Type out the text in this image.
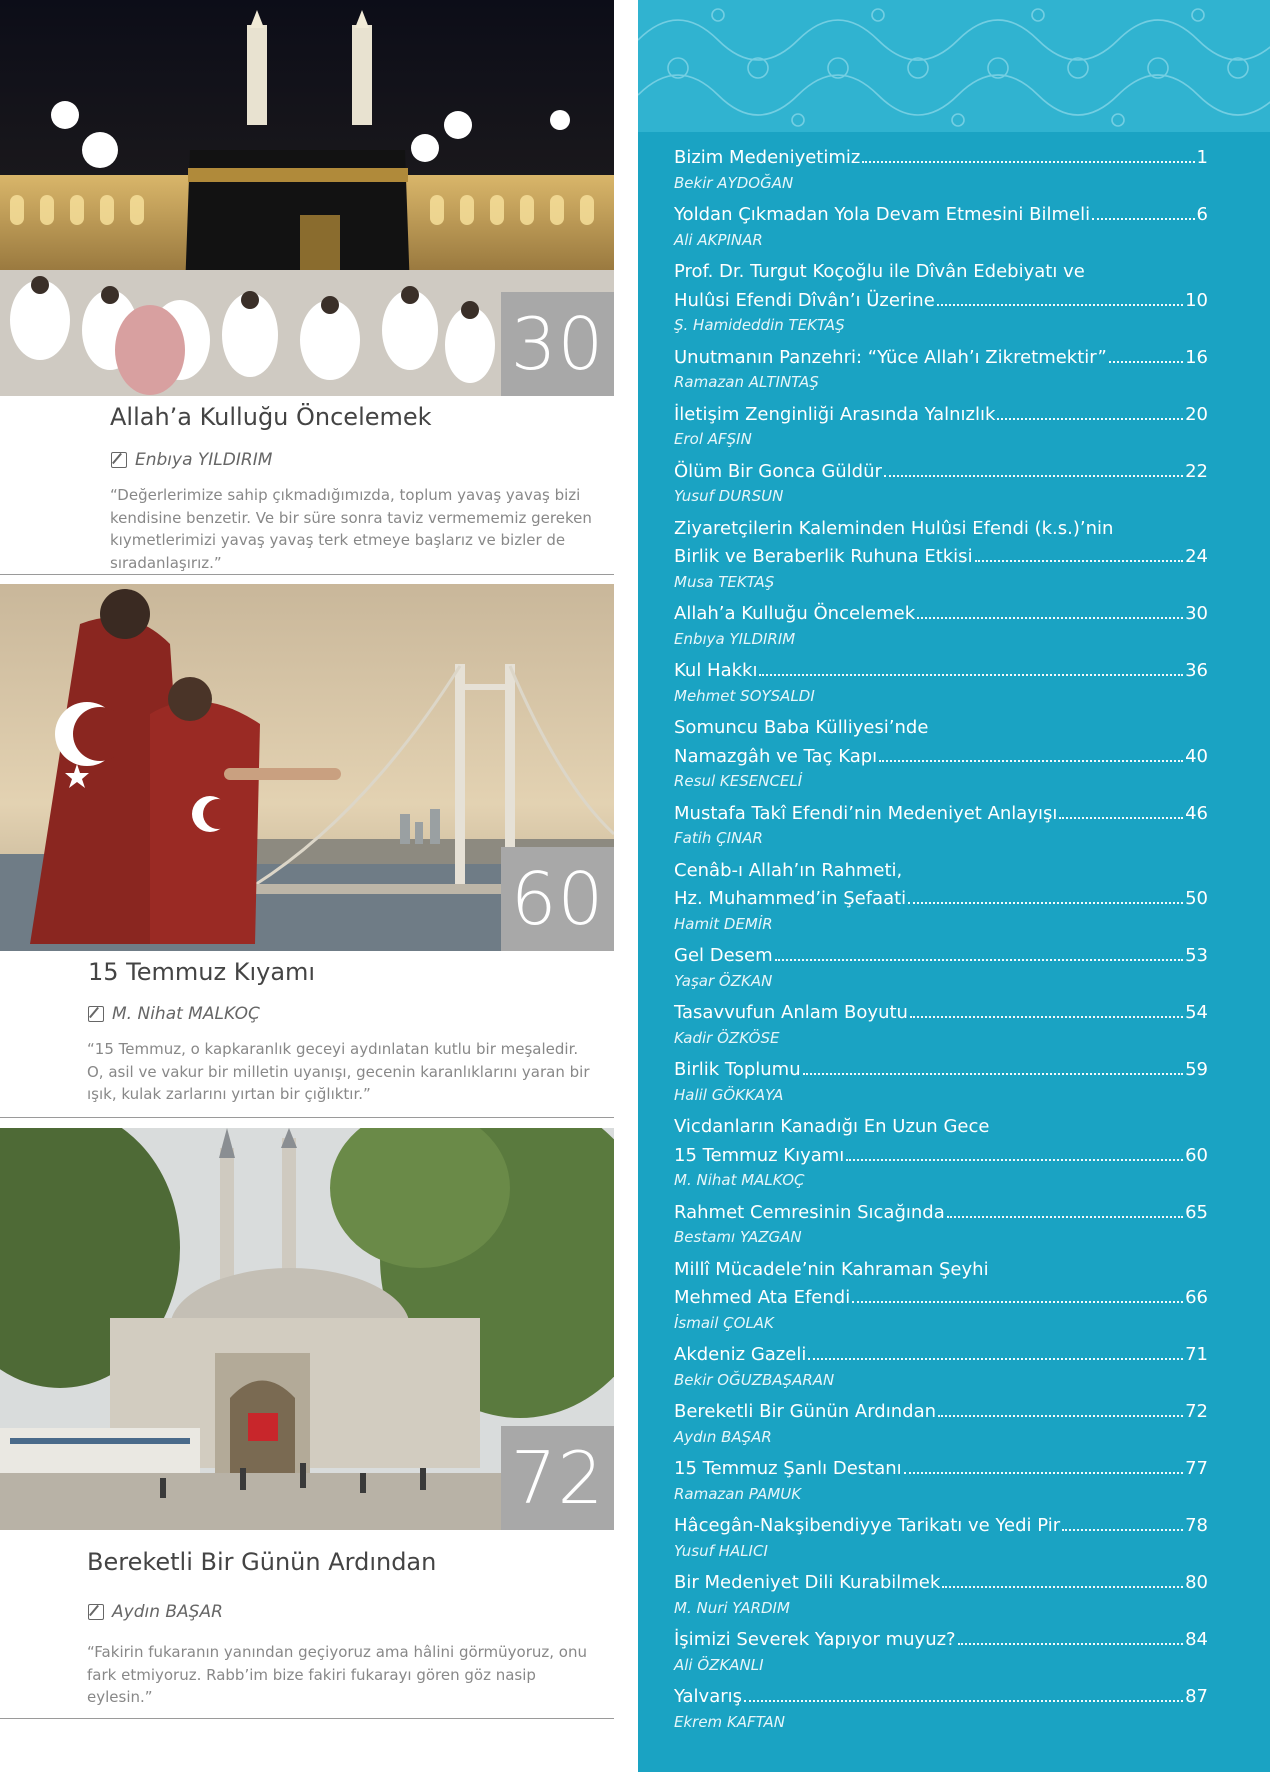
30
Allah’a Kulluğu Öncelemek
Enbıya YILDIRIM
“Değerlerimize sahip çıkmadığımızda, toplum yavaş yavaş bizi kendisine benzetir. Ve bir süre sonra taviz vermememiz gereken kıymetlerimizi yavaş yavaş terk etmeye başlarız ve bizler de sıradanlaşırız.”
60
15 Temmuz Kıyamı
M. Nihat MALKOÇ
“15 Temmuz, o kapkaranlık geceyi aydınlatan kutlu bir meşaledir. O, asil ve vakur bir milletin uyanışı, gecenin karanlıklarını yaran bir ışık, kulak zarlarını yırtan bir çığlıktır.”
72
Bereketli Bir Günün Ardından
Aydın BAŞAR
“Fakirin fukaranın yanından geçiyoruz ama hâlini görmüyoruz, onu fark etmiyoruz. Rabb’im bize fakiri fukarayı gören göz nasip eylesin.”
Bizim Medeniyetimiz	1
Bekir AYDOĞAN
Yoldan Çıkmadan Yola Devam Etmesini Bilmeli	6
Ali AKPINAR
Prof. Dr. Turgut Koçoğlu ile Dîvân Edebiyatı ve
Hulûsi Efendi Dîvân’ı Üzerine	10
Ş. Hamideddin TEKTAŞ
Unutmanın Panzehri: “Yüce Allah’ı Zikretmektir”	16
Ramazan ALTINTAŞ
İletişim Zenginliği Arasında Yalnızlık	20
Erol AFŞIN
Ölüm Bir Gonca Güldür	22
Yusuf DURSUN
Ziyaretçilerin Kaleminden Hulûsi Efendi (k.s.)’nin
Birlik ve Beraberlik Ruhuna Etkisi	24
Musa TEKTAŞ
Allah’a Kulluğu Öncelemek	30
Enbıya YILDIRIM
Kul Hakkı	36
Mehmet SOYSALDI
Somuncu Baba Külliyesi’nde
Namazgâh ve Taç Kapı	40
Resul KESENCELİ
Mustafa Takî Efendi’nin Medeniyet Anlayışı	46
Fatih ÇINAR
Cenâb-ı Allah’ın Rahmeti,
Hz. Muhammed’in Şefaati	50
Hamit DEMİR
Gel Desem	53
Yaşar ÖZKAN
Tasavvufun Anlam Boyutu	54
Kadir ÖZKÖSE
Birlik Toplumu	59
Halil GÖKKAYA
Vicdanların Kanadığı En Uzun Gece
15 Temmuz Kıyamı	60
M. Nihat MALKOÇ
Rahmet Cemresinin Sıcağında	65
Bestamı YAZGAN
Millî Mücadele’nin Kahraman Şeyhi
Mehmed Ata Efendi	66
İsmail ÇOLAK
Akdeniz Gazeli	71
Bekir OĞUZBAŞARAN
Bereketli Bir Günün Ardından	72
Aydın BAŞAR
15 Temmuz Şanlı Destanı	77
Ramazan PAMUK
Hâcegân-Nakşibendiyye Tarikatı ve Yedi Pir	78
Yusuf HALICI
Bir Medeniyet Dili Kurabilmek	80
M. Nuri YARDIM
İşimizi Severek Yapıyor muyuz?	84
Ali ÖZKANLI
Yalvarış	87
Ekrem KAFTAN
